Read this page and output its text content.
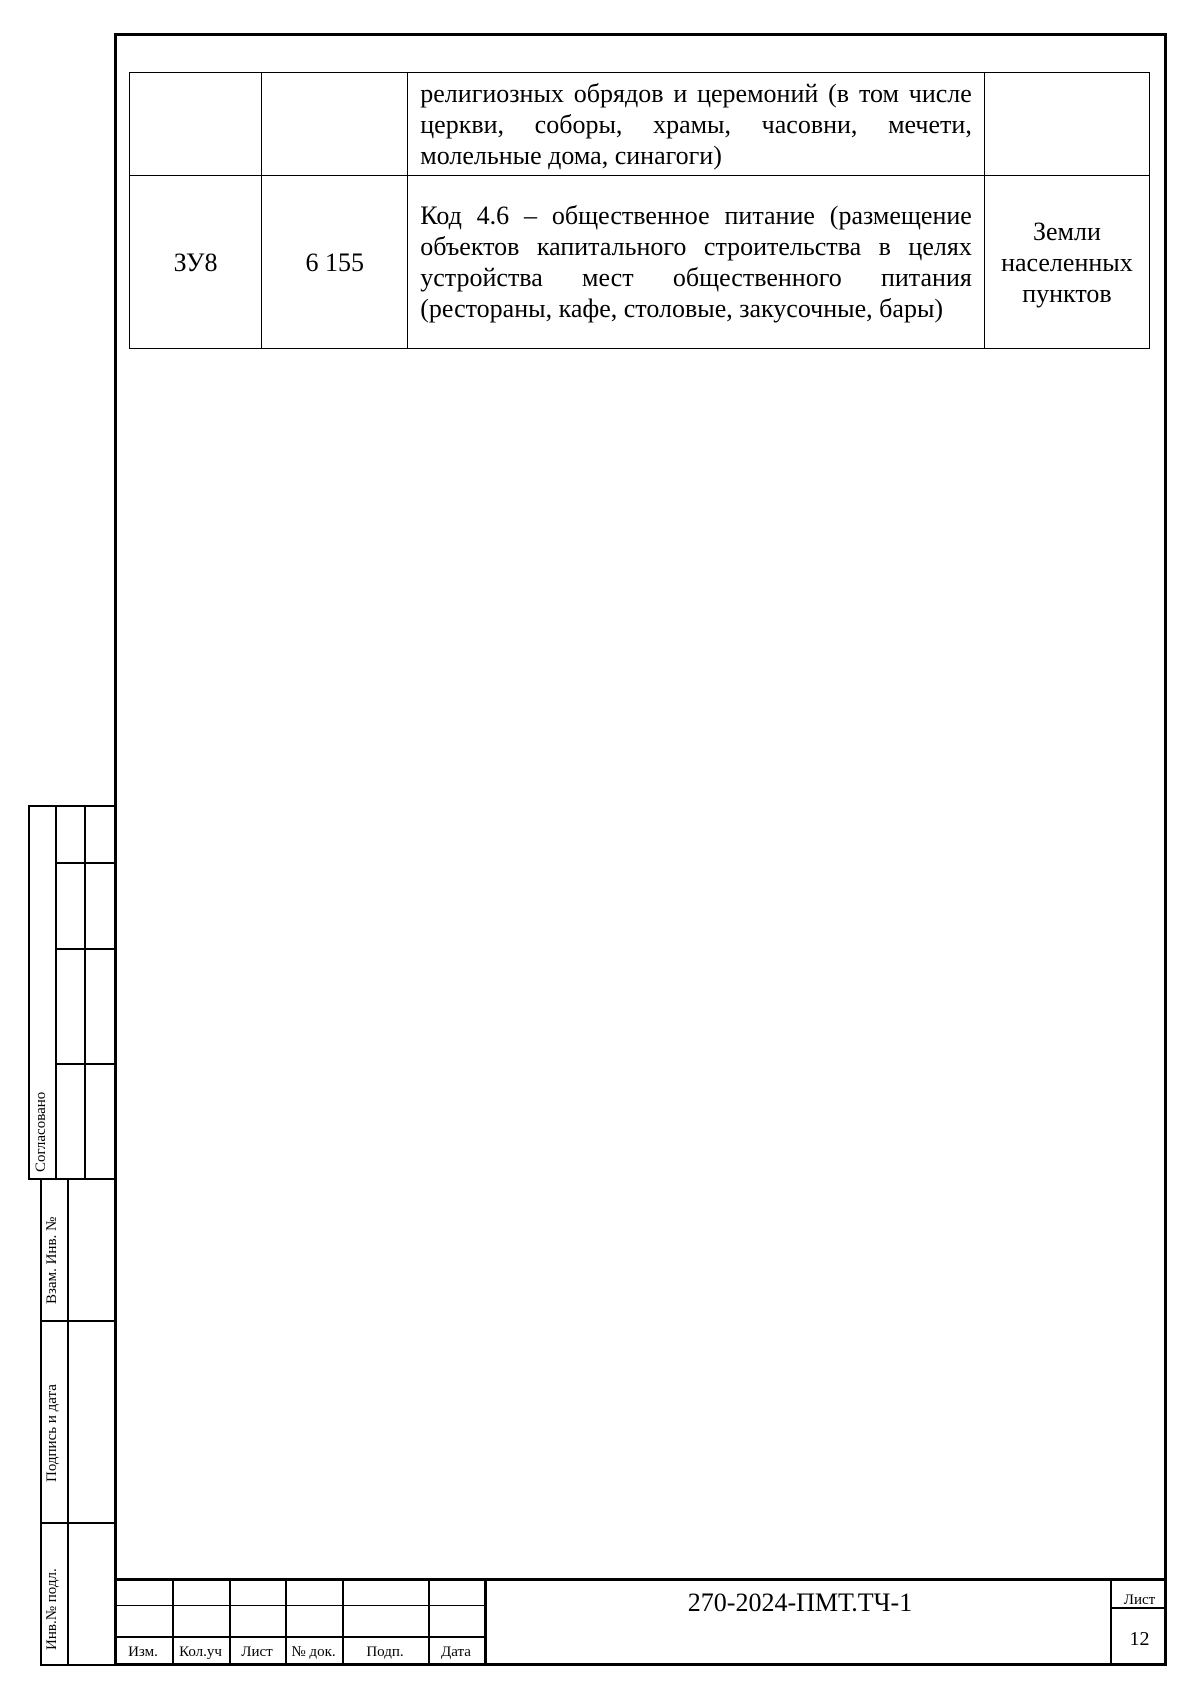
		религиозных обрядов и церемоний (в том числе церкви, соборы, храмы, часовни, мечети, молельные дома, синагоги)	
ЗУ8	6 155	Код 4.6 – общественное питание (размещение объектов капитального строительства в целях устройства мест общественного питания (рестораны, кафе, столовые, закусочные, бары)	Земли населенных пунктов
Согласовано
Взам. Инв. №
Подпись и дата
Инв.№ подл.
Изм.	Кол.уч	Лист	№ док.	Подп.	Дата
270-2024-ПМТ.ТЧ-1	Лист
12
